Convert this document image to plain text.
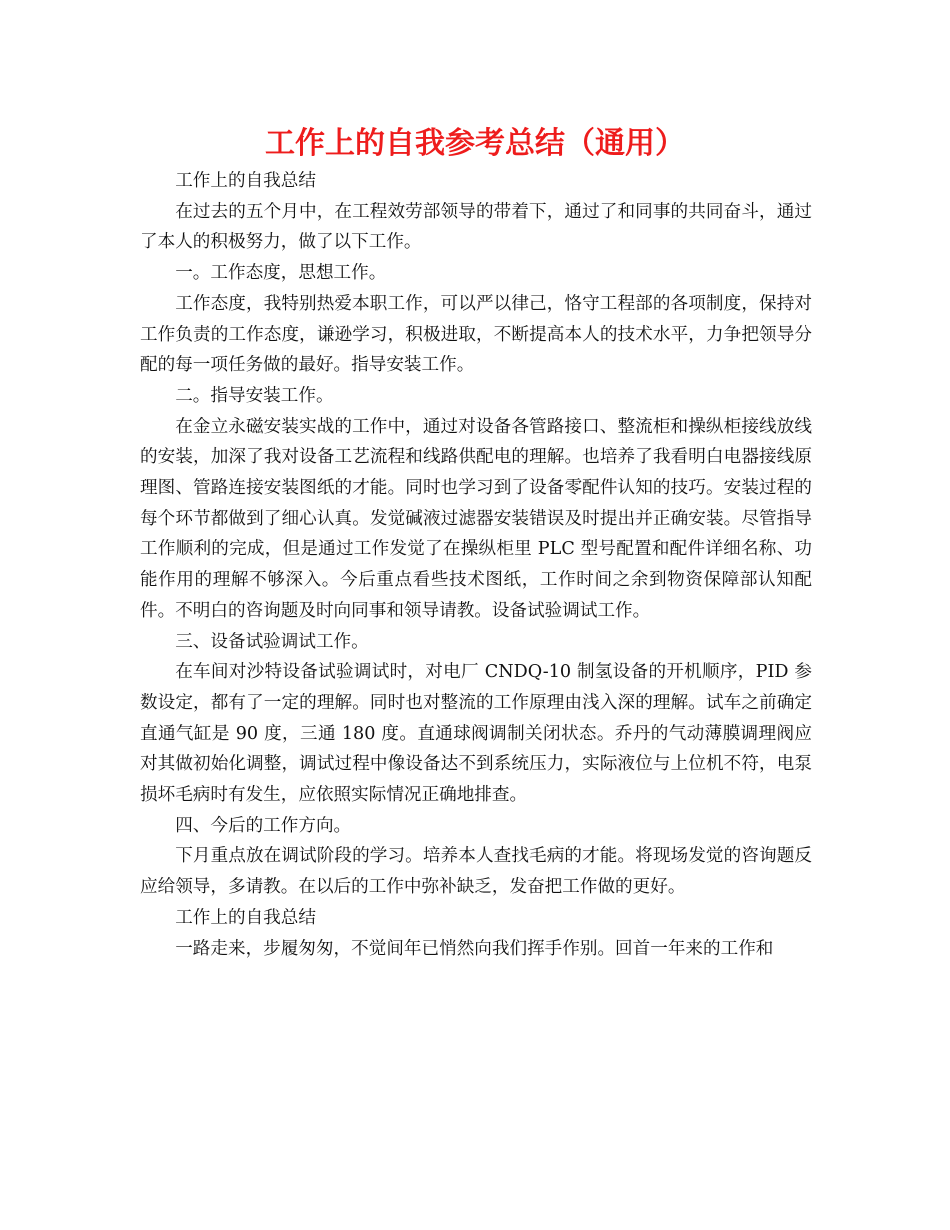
工作上的自我参考总结（通用）

工作上的自我总结

在过去的五个月中，在工程效劳部领导的带着下，通过了和同事的共同奋斗，通过了本人的积极努力，做了以下工作。

一。工作态度，思想工作。

工作态度，我特别热爱本职工作，可以严以律己，恪守工程部的各项制度，保持对工作负责的工作态度，谦逊学习，积极进取，不断提高本人的技术水平，力争把领导分配的每一项任务做的最好。指导安装工作。

二。指导安装工作。

在金立永磁安装实战的工作中，通过对设备各管路接口、整流柜和操纵柜接线放线的安装，加深了我对设备工艺流程和线路供配电的理解。也培养了我看明白电器接线原理图、管路连接安装图纸的才能。同时也学习到了设备零配件认知的技巧。安装过程的每个环节都做到了细心认真。发觉碱液过滤器安装错误及时提出并正确安装。尽管指导工作顺利的完成，但是通过工作发觉了在操纵柜里 PLC 型号配置和配件详细名称、功能作用的理解不够深入。今后重点看些技术图纸，工作时间之余到物资保障部认知配件。不明白的咨询题及时向同事和领导请教。设备试验调试工作。

三、设备试验调试工作。

在车间对沙特设备试验调试时，对电厂 CNDQ-10 制氢设备的开机顺序，PID 参数设定，都有了一定的理解。同时也对整流的工作原理由浅入深的理解。试车之前确定直通气缸是 90 度，三通 180 度。直通球阀调制关闭状态。乔丹的气动薄膜调理阀应对其做初始化调整，调试过程中像设备达不到系统压力，实际液位与上位机不符，电泵损坏毛病时有发生，应依照实际情况正确地排查。

四、今后的工作方向。

下月重点放在调试阶段的学习。培养本人查找毛病的才能。将现场发觉的咨询题反应给领导，多请教。在以后的工作中弥补缺乏，发奋把工作做的更好。

工作上的自我总结

一路走来，步履匆匆，不觉间年已悄然向我们挥手作别。回首一年来的工作和
